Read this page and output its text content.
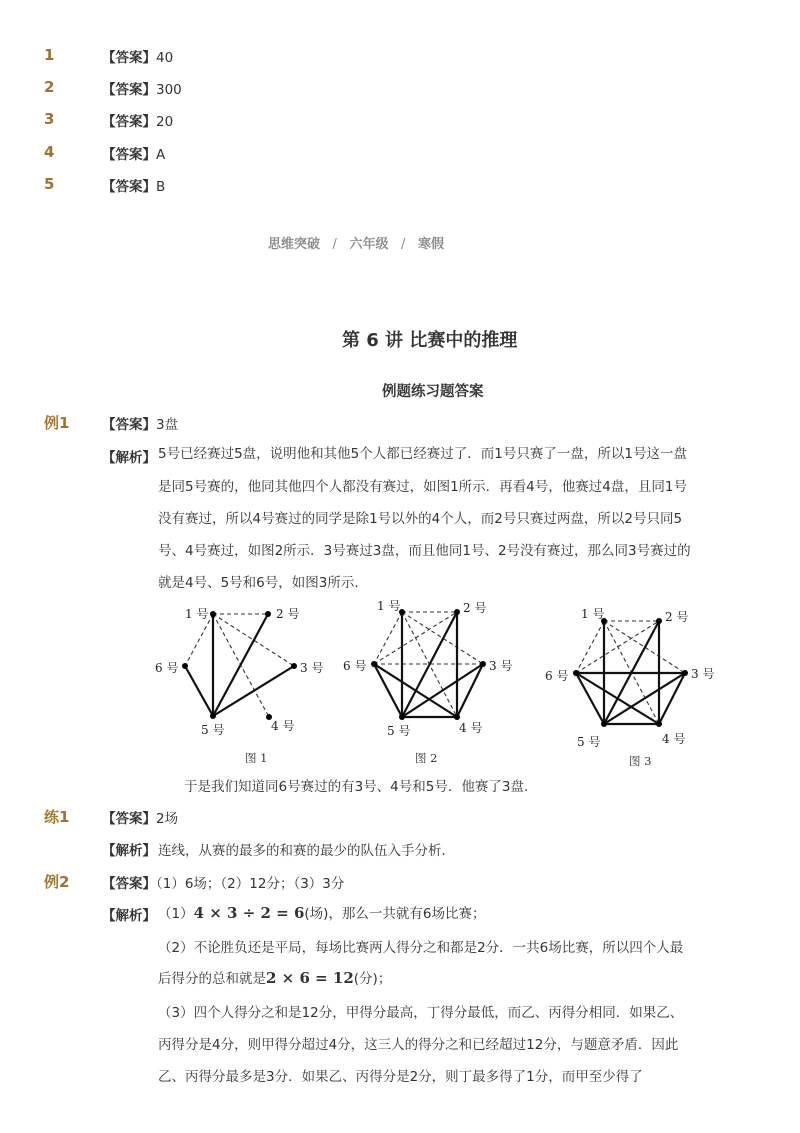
1	【答案】40
2	【答案】300
3	【答案】20
4	【答案】A
5	【答案】B
思维突破 / 六年级 / 寒假
第 6 讲 比赛中的推理
例题练习题答案
例1 【答案】3盘
【解析】 5号已经赛过5盘，说明他和其他5个人都已经赛过了．而1号只赛了一盘，所以1号这一盘
是同5号赛的，他同其他四个人都没有赛过，如图1所示．再看4号，他赛过4盘，且同1号
没有赛过，所以4号赛过的同学是除1号以外的4个人，而2号只赛过两盘，所以2号只同5
号、4号赛过，如图2所示．3号赛过3盘，而且他同1号、2号没有赛过，那么同3号赛过的
就是4号、5号和6号，如图3所示．
1 号	2 号
3 号
4 号
5 号
6 号
图 1
1 号	2 号
3 号
4 号
5 号
6 号
图 2
1 号	2 号
3 号
4 号
5 号
6 号
图 3
于是我们知道同6号赛过的有3号、4号和5号．他赛了3盘．
练1 【答案】2场
【解析】 连线，从赛的最多的和赛的最少的队伍入手分析．
例2 【答案】（1）6场；（2）12分；（3）3分
【解析】 （1）4 × 3 ÷ 2 = 6(场)，那么一共就有6场比赛；
（2）不论胜负还是平局，每场比赛两人得分之和都是2分．一共6场比赛，所以四个人最
后得分的总和就是2 × 6 = 12(分)；
（3）四个人得分之和是12分，甲得分最高，丁得分最低，而乙、丙得分相同．如果乙、
丙得分是4分，则甲得分超过4分，这三人的得分之和已经超过12分，与题意矛盾．因此
乙、丙得分最多是3分．如果乙、丙得分是2分，则丁最多得了1分，而甲至少得了
